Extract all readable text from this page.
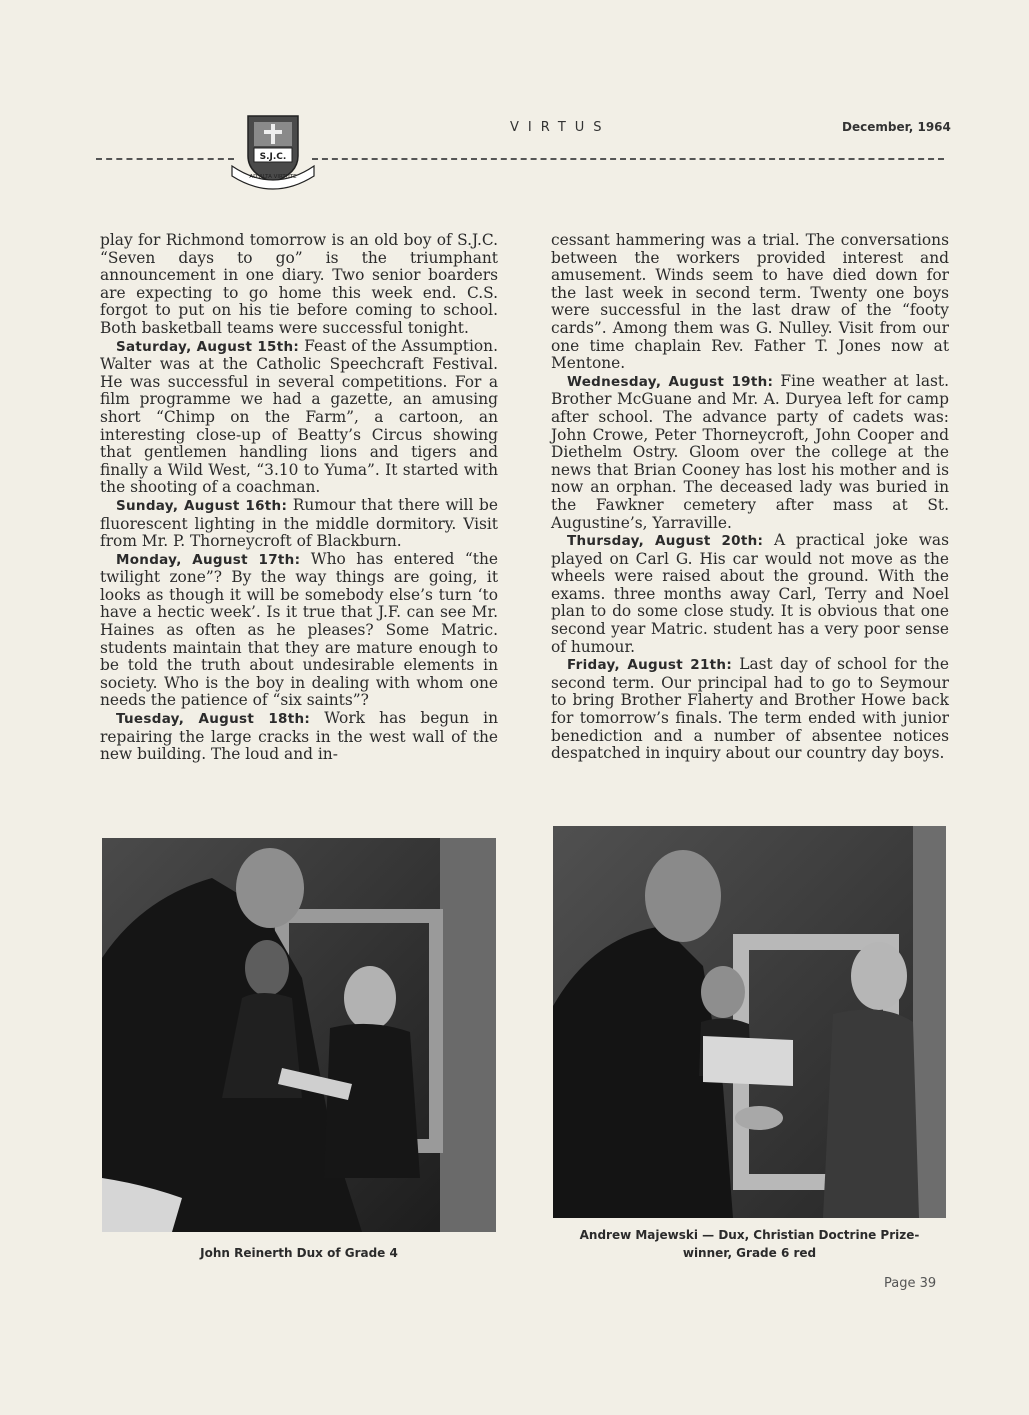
S.J.C.
AD ALTA VIRTUTE
VIRTUS	December, 1964

play for Richmond tomorrow is an old boy of S.J.C. “Seven days to go” is the triumphant announcement in one diary. Two senior boarders are expecting to go home this week end. C.S. forgot to put on his tie before coming to school. Both basketball teams were successful tonight.

Saturday, August 15th: Feast of the Assumption. Walter was at the Catholic Speechcraft Festival. He was successful in several competitions. For a film programme we had a gazette, an amusing short “Chimp on the Farm”, a cartoon, an interesting close-up of Beatty’s Circus showing that gentlemen handling lions and tigers and finally a Wild West, “3.10 to Yuma”. It started with the shooting of a coachman.

Sunday, August 16th: Rumour that there will be fluorescent lighting in the middle dormitory. Visit from Mr. P. Thorneycroft of Blackburn.

Monday, August 17th: Who has entered “the twilight zone”? By the way things are going, it looks as though it will be somebody else’s turn ‘to have a hectic week’. Is it true that J.F. can see Mr. Haines as often as he pleases? Some Matric. students maintain that they are mature enough to be told the truth about undesirable elements in society. Who is the boy in dealing with whom one needs the patience of “six saints”?

Tuesday, August 18th: Work has begun in repairing the large cracks in the west wall of the new building. The loud and in-

cessant hammering was a trial. The conversations between the workers provided interest and amusement. Winds seem to have died down for the last week in second term. Twenty one boys were successful in the last draw of the “footy cards”. Among them was G. Nulley. Visit from our one time chaplain Rev. Father T. Jones now at Mentone.

Wednesday, August 19th: Fine weather at last. Brother McGuane and Mr. A. Duryea left for camp after school. The advance party of cadets was: John Crowe, Peter Thorneycroft, John Cooper and Diethelm Ostry. Gloom over the college at the news that Brian Cooney has lost his mother and is now an orphan. The deceased lady was buried in the Fawkner cemetery after mass at St. Augustine’s, Yarraville.

Thursday, August 20th: A practical joke was played on Carl G. His car would not move as the wheels were raised about the ground. With the exams. three months away Carl, Terry and Noel plan to do some close study. It is obvious that one second year Matric. student has a very poor sense of humour.

Friday, August 21th: Last day of school for the second term. Our principal had to go to Seymour to bring Brother Flaherty and Brother Howe back for tomorrow’s finals. The term ended with junior benediction and a number of absentee notices despatched in inquiry about our country day boys.

John Reinerth Dux of Grade 4
Andrew Majewski — Dux, Christian Doctrine Prize-
winner, Grade 6 red
Page 39
